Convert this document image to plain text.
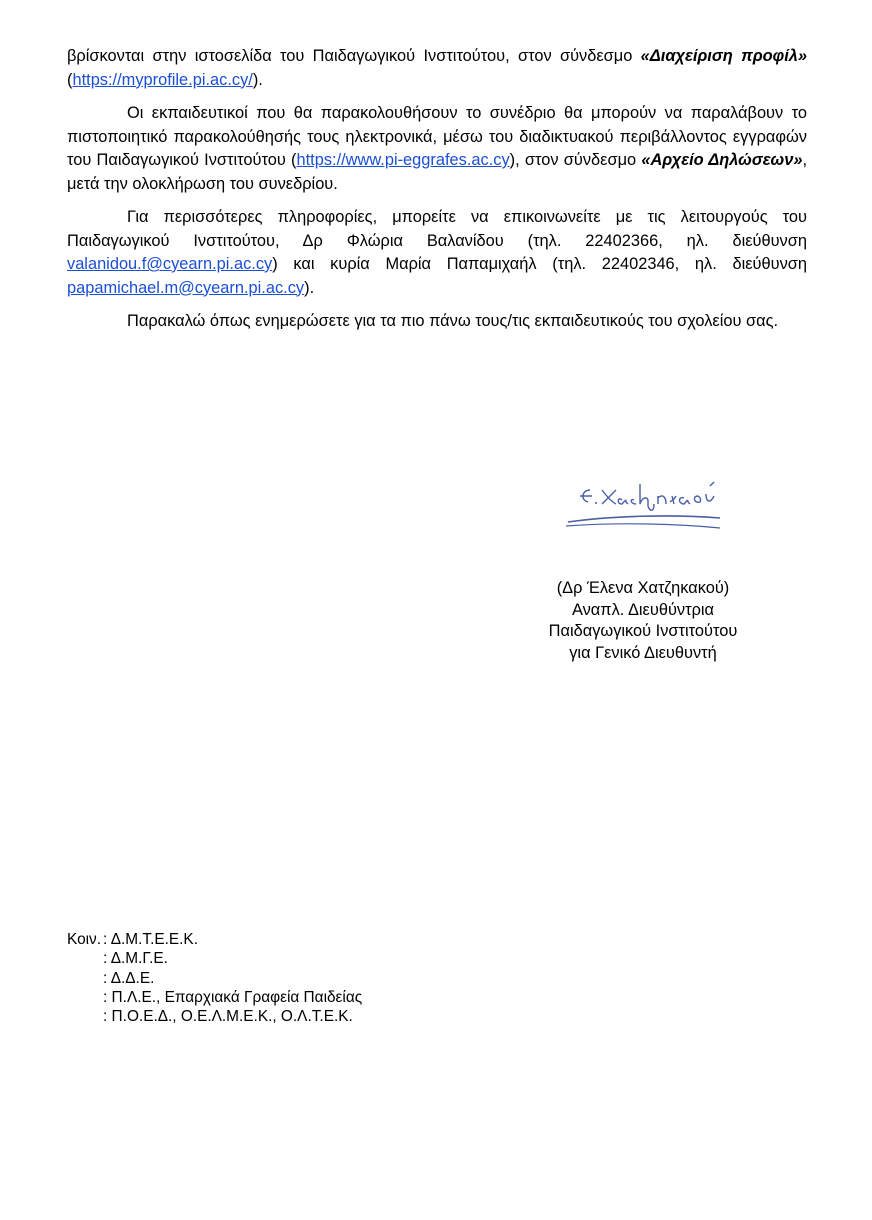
βρίσκονται στην ιστοσελίδα του Παιδαγωγικού Ινστιτούτου, στον σύνδεσμο «Διαχείριση προφίλ» (https://myprofile.pi.ac.cy/).

Οι εκπαιδευτικοί που θα παρακολουθήσουν το συνέδριο θα μπορούν να παραλάβουν το πιστοποιητικό παρακολούθησής τους ηλεκτρονικά, μέσω του διαδικτυακού περιβάλλοντος εγγραφών του Παιδαγωγικού Ινστιτούτου (https://www.pi-eggrafes.ac.cy), στον σύνδεσμο «Αρχείο Δηλώσεων», μετά την ολοκλήρωση του συνεδρίου.

Για περισσότερες πληροφορίες, μπορείτε να επικοινωνείτε με τις λειτουργούς του Παιδαγωγικού Ινστιτούτου, Δρ Φλώρια Βαλανίδου (τηλ. 22402366, ηλ. διεύθυνση valanidou.f@cyearn.pi.ac.cy) και κυρία Μαρία Παπαμιχαήλ (τηλ. 22402346, ηλ. διεύθυνση papamichael.m@cyearn.pi.ac.cy).

Παρακαλώ όπως ενημερώσετε για τα πιο πάνω τους/τις εκπαιδευτικούς του σχολείου σας.

(Δρ Έλενα Χατζηκακού)
Αναπλ. Διευθύντρια
Παιδαγωγικού Ινστιτούτου
για Γενικό Διευθυντή
Κοιν. : Δ.Μ.Τ.Ε.Ε.Κ.
: Δ.Μ.Γ.Ε.
: Δ.Δ.Ε.
: Π.Λ.Ε., Επαρχιακά Γραφεία Παιδείας
: Π.Ο.Ε.Δ., Ο.Ε.Λ.Μ.Ε.Κ., Ο.Λ.Τ.Ε.Κ.
